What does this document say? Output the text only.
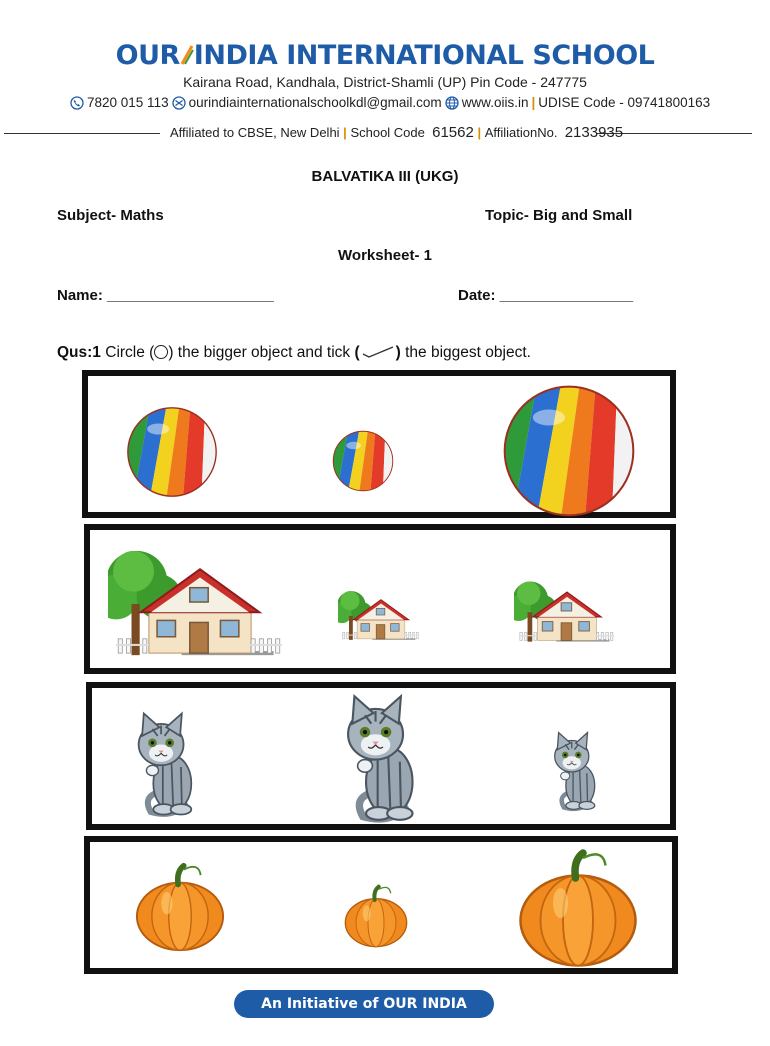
OUR INDIA INTERNATIONAL SCHOOL
Kairana Road, Kandhala, District-Shamli (UP) Pin Code - 247775
7820 015 113 ourindiainternationalschoolkdl@gmail.com www.oiis.in | UDISE Code - 09741800163
Affiliated to CBSE, New Delhi | School Code 61562 | AffiliationNo. 2133935
BALVATIKA III (UKG)
Subject- Maths	Topic- Big and Small
Worksheet- 1
Name: ____________________	Date: ________________
Qus:1 Circle ( ) the bigger object and tick ( ) the biggest object.
An Initiative of OUR INDIA FOUNDATION
